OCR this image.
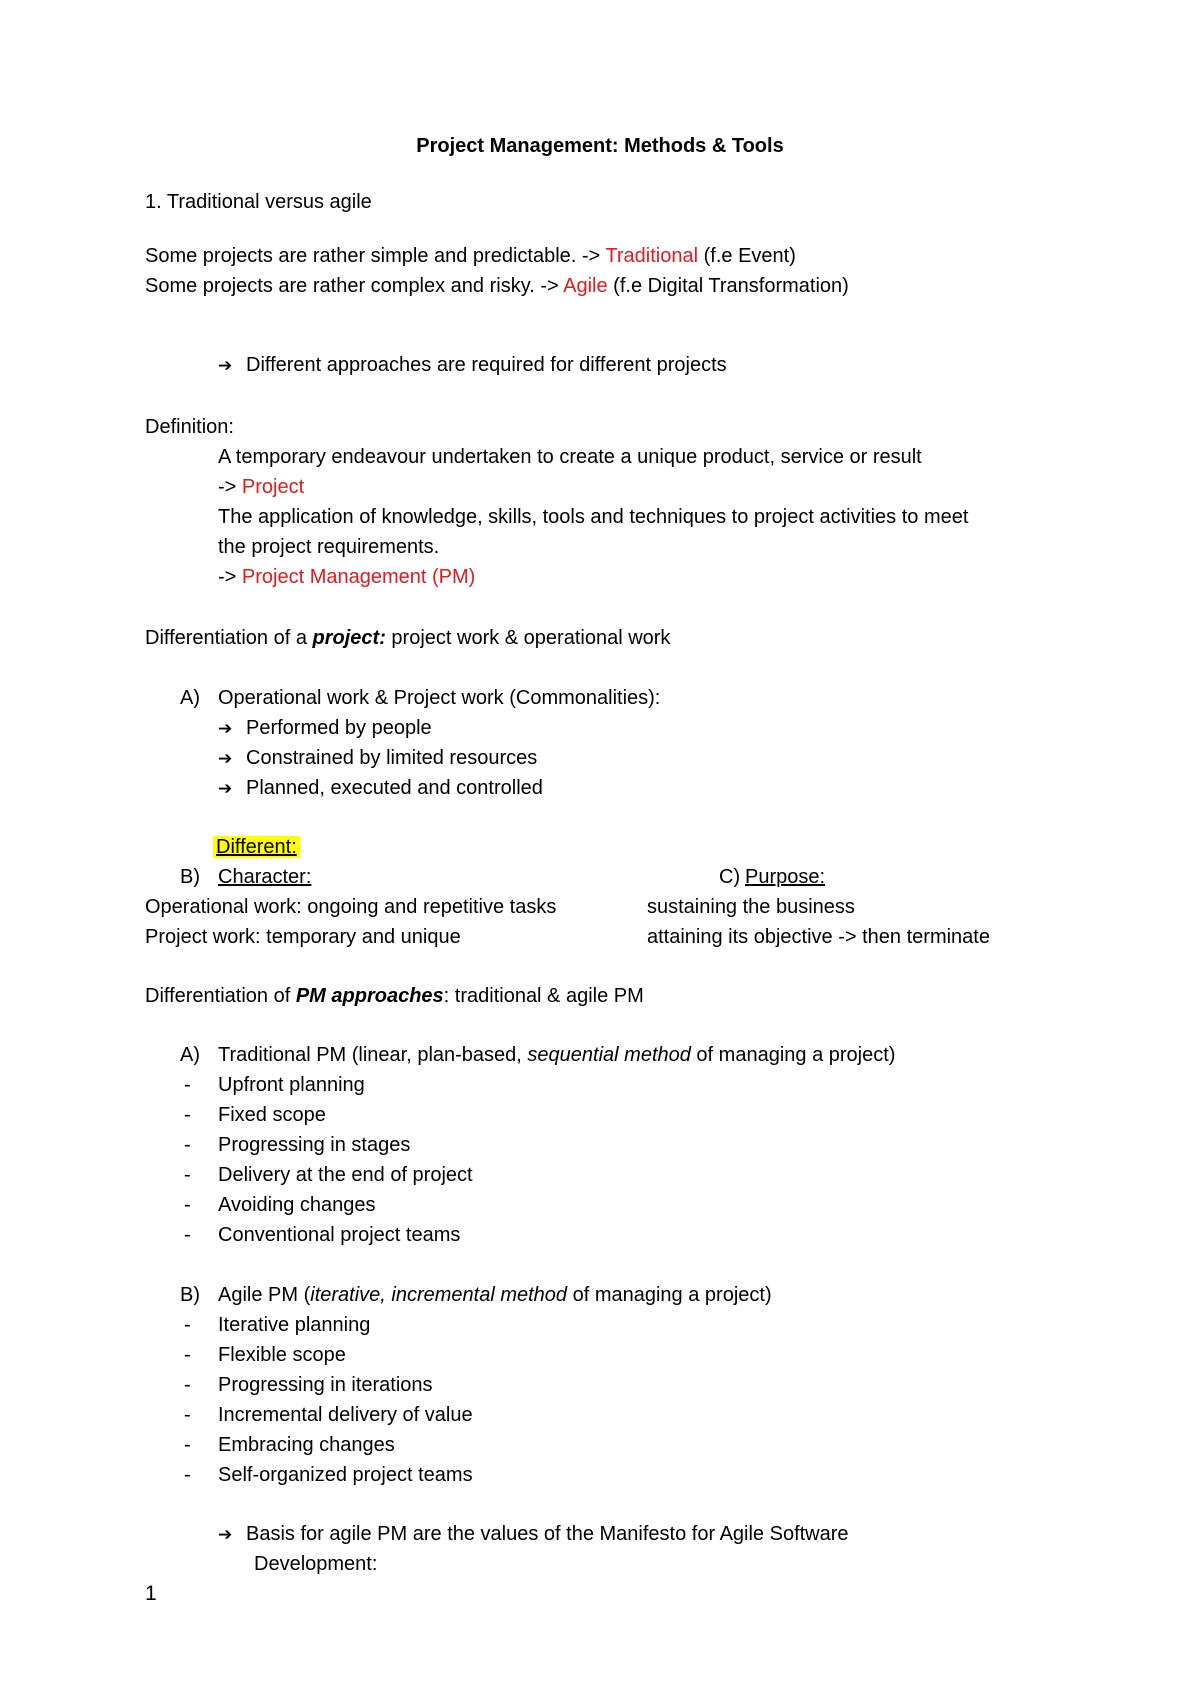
Project Management: Methods & Tools
1. Traditional versus agile
Some projects are rather simple and predictable. -> Traditional (f.e Event)
Some projects are rather complex and risky. -> Agile (f.e Digital Transformation)
➔ Different approaches are required for different projects
Definition:
A temporary endeavour undertaken to create a unique product, service or result
-> Project
The application of knowledge, skills, tools and techniques to project activities to meet
the project requirements.
-> Project Management (PM)
Differentiation of a project: project work & operational work
A) Operational work & Project work (Commonalities):
➔ Performed by people
➔ Constrained by limited resources
➔ Planned, executed and controlled
Different:
B) Character:	C) Purpose:
Operational work: ongoing and repetitive tasks	sustaining the business
Project work: temporary and unique	attaining its objective -> then terminate
Differentiation of PM approaches: traditional & agile PM
A) Traditional PM (linear, plan-based, sequential method of managing a project)
- Upfront planning
- Fixed scope
- Progressing in stages
- Delivery at the end of project
- Avoiding changes
- Conventional project teams
B) Agile PM (iterative, incremental method of managing a project)
- Iterative planning
- Flexible scope
- Progressing in iterations
- Incremental delivery of value
- Embracing changes
- Self-organized project teams
➔ Basis for agile PM are the values of the Manifesto for Agile Software
Development:
1
